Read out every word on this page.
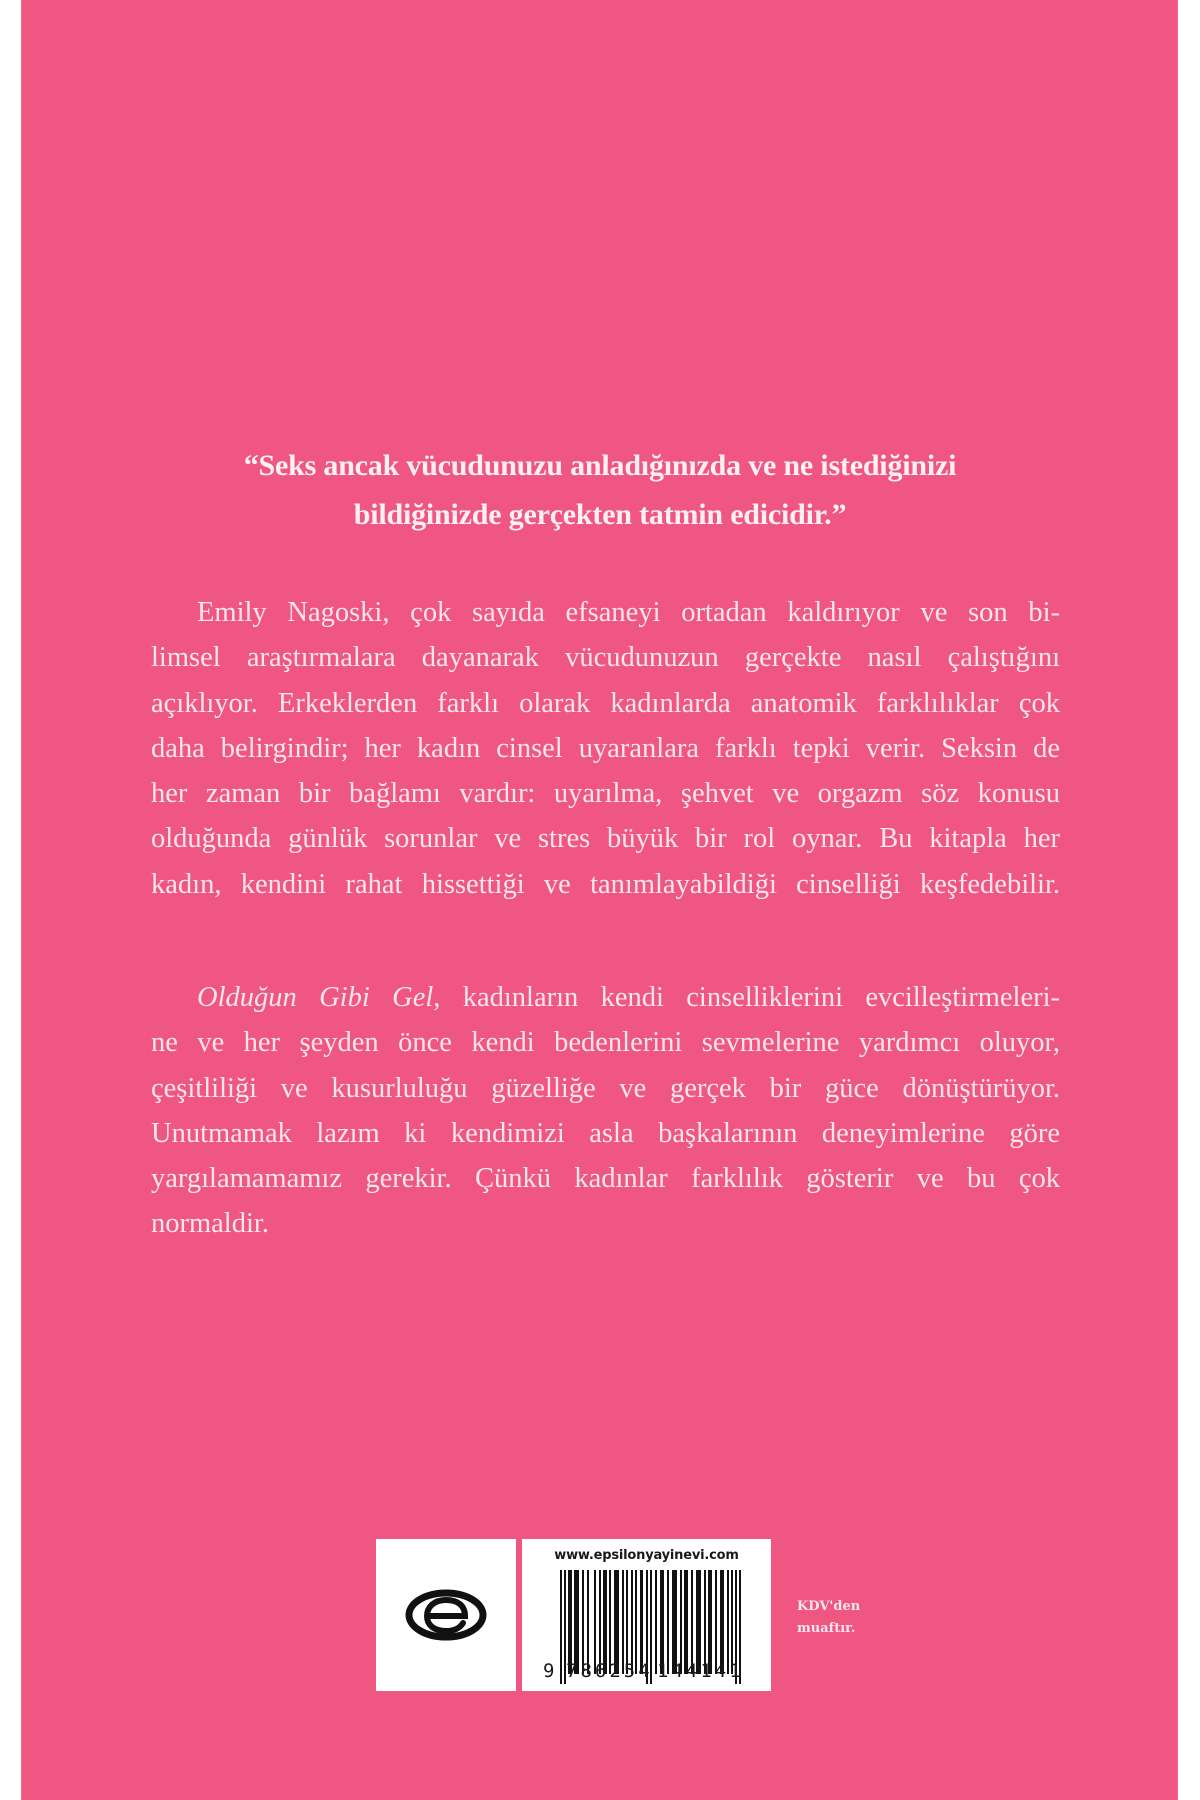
“Seks ancak vücudunuzu anladığınızda ve ne istediğinizi
bildiğinizde gerçekten tatmin edicidir.”
Emily Nagoski, çok sayıda efsaneyi ortadan kaldırıyor ve son bi-
limsel araştırmalara dayanarak vücudunuzun gerçekte nasıl çalıştığını
açıklıyor. Erkeklerden farklı olarak kadınlarda anatomik farklılıklar çok
daha belirgindir; her kadın cinsel uyaranlara farklı tepki verir. Seksin de
her zaman bir bağlamı vardır: uyarılma, şehvet ve orgazm söz konusu
olduğunda günlük sorunlar ve stres büyük bir rol oynar. Bu kitapla her
kadın, kendini rahat hissettiği ve tanımlayabildiği cinselliği keşfedebilir.
Olduğun Gibi Gel, kadınların kendi cinselliklerini evcilleştirmeleri-
ne ve her şeyden önce kendi bedenlerini sevmelerine yardımcı oluyor,
çeşitliliği ve kusurluluğu güzelliğe ve gerçek bir güce dönüştürüyor.
Unutmamak lazım ki kendimizi asla başkalarının deneyimlerine göre
yargılamamamız gerekir. Çünkü kadınlar farklılık gösterir ve bu çok
normaldir.
www.epsilonyayinevi.com
9 786254 144141
KDV'den
muaftır.
